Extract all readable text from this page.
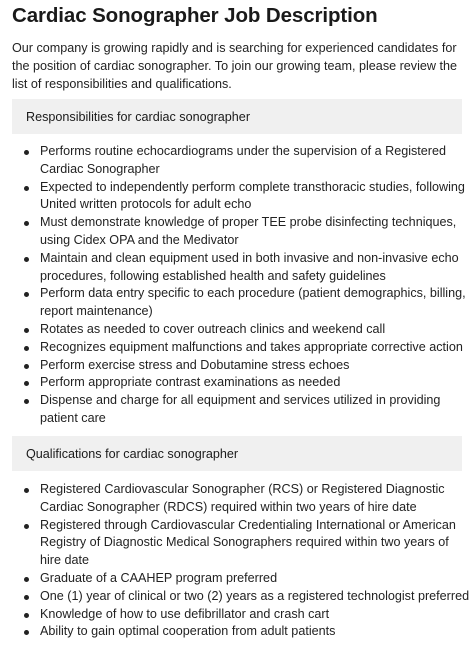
Cardiac Sonographer Job Description

Our company is growing rapidly and is searching for experienced candidates for the position of cardiac sonographer. To join our growing team, please review the list of responsibilities and qualifications.

Responsibilities for cardiac sonographer
Performs routine echocardiograms under the supervision of a Registered Cardiac Sonographer
Expected to independently perform complete transthoracic studies, following United written protocols for adult echo
Must demonstrate knowledge of proper TEE probe disinfecting techniques, using Cidex OPA and the Medivator
Maintain and clean equipment used in both invasive and non-invasive echo procedures, following established health and safety guidelines
Perform data entry specific to each procedure (patient demographics, billing, report maintenance)
Rotates as needed to cover outreach clinics and weekend call
Recognizes equipment malfunctions and takes appropriate corrective action
Perform exercise stress and Dobutamine stress echoes
Perform appropriate contrast examinations as needed
Dispense and charge for all equipment and services utilized in providing patient care
Qualifications for cardiac sonographer
Registered Cardiovascular Sonographer (RCS) or Registered Diagnostic Cardiac Sonographer (RDCS) required within two years of hire date
Registered through Cardiovascular Credentialing International or American Registry of Diagnostic Medical Sonographers required within two years of hire date
Graduate of a CAAHEP program preferred
One (1) year of clinical or two (2) years as a registered technologist preferred
Knowledge of how to use defibrillator and crash cart
Ability to gain optimal cooperation from adult patients
